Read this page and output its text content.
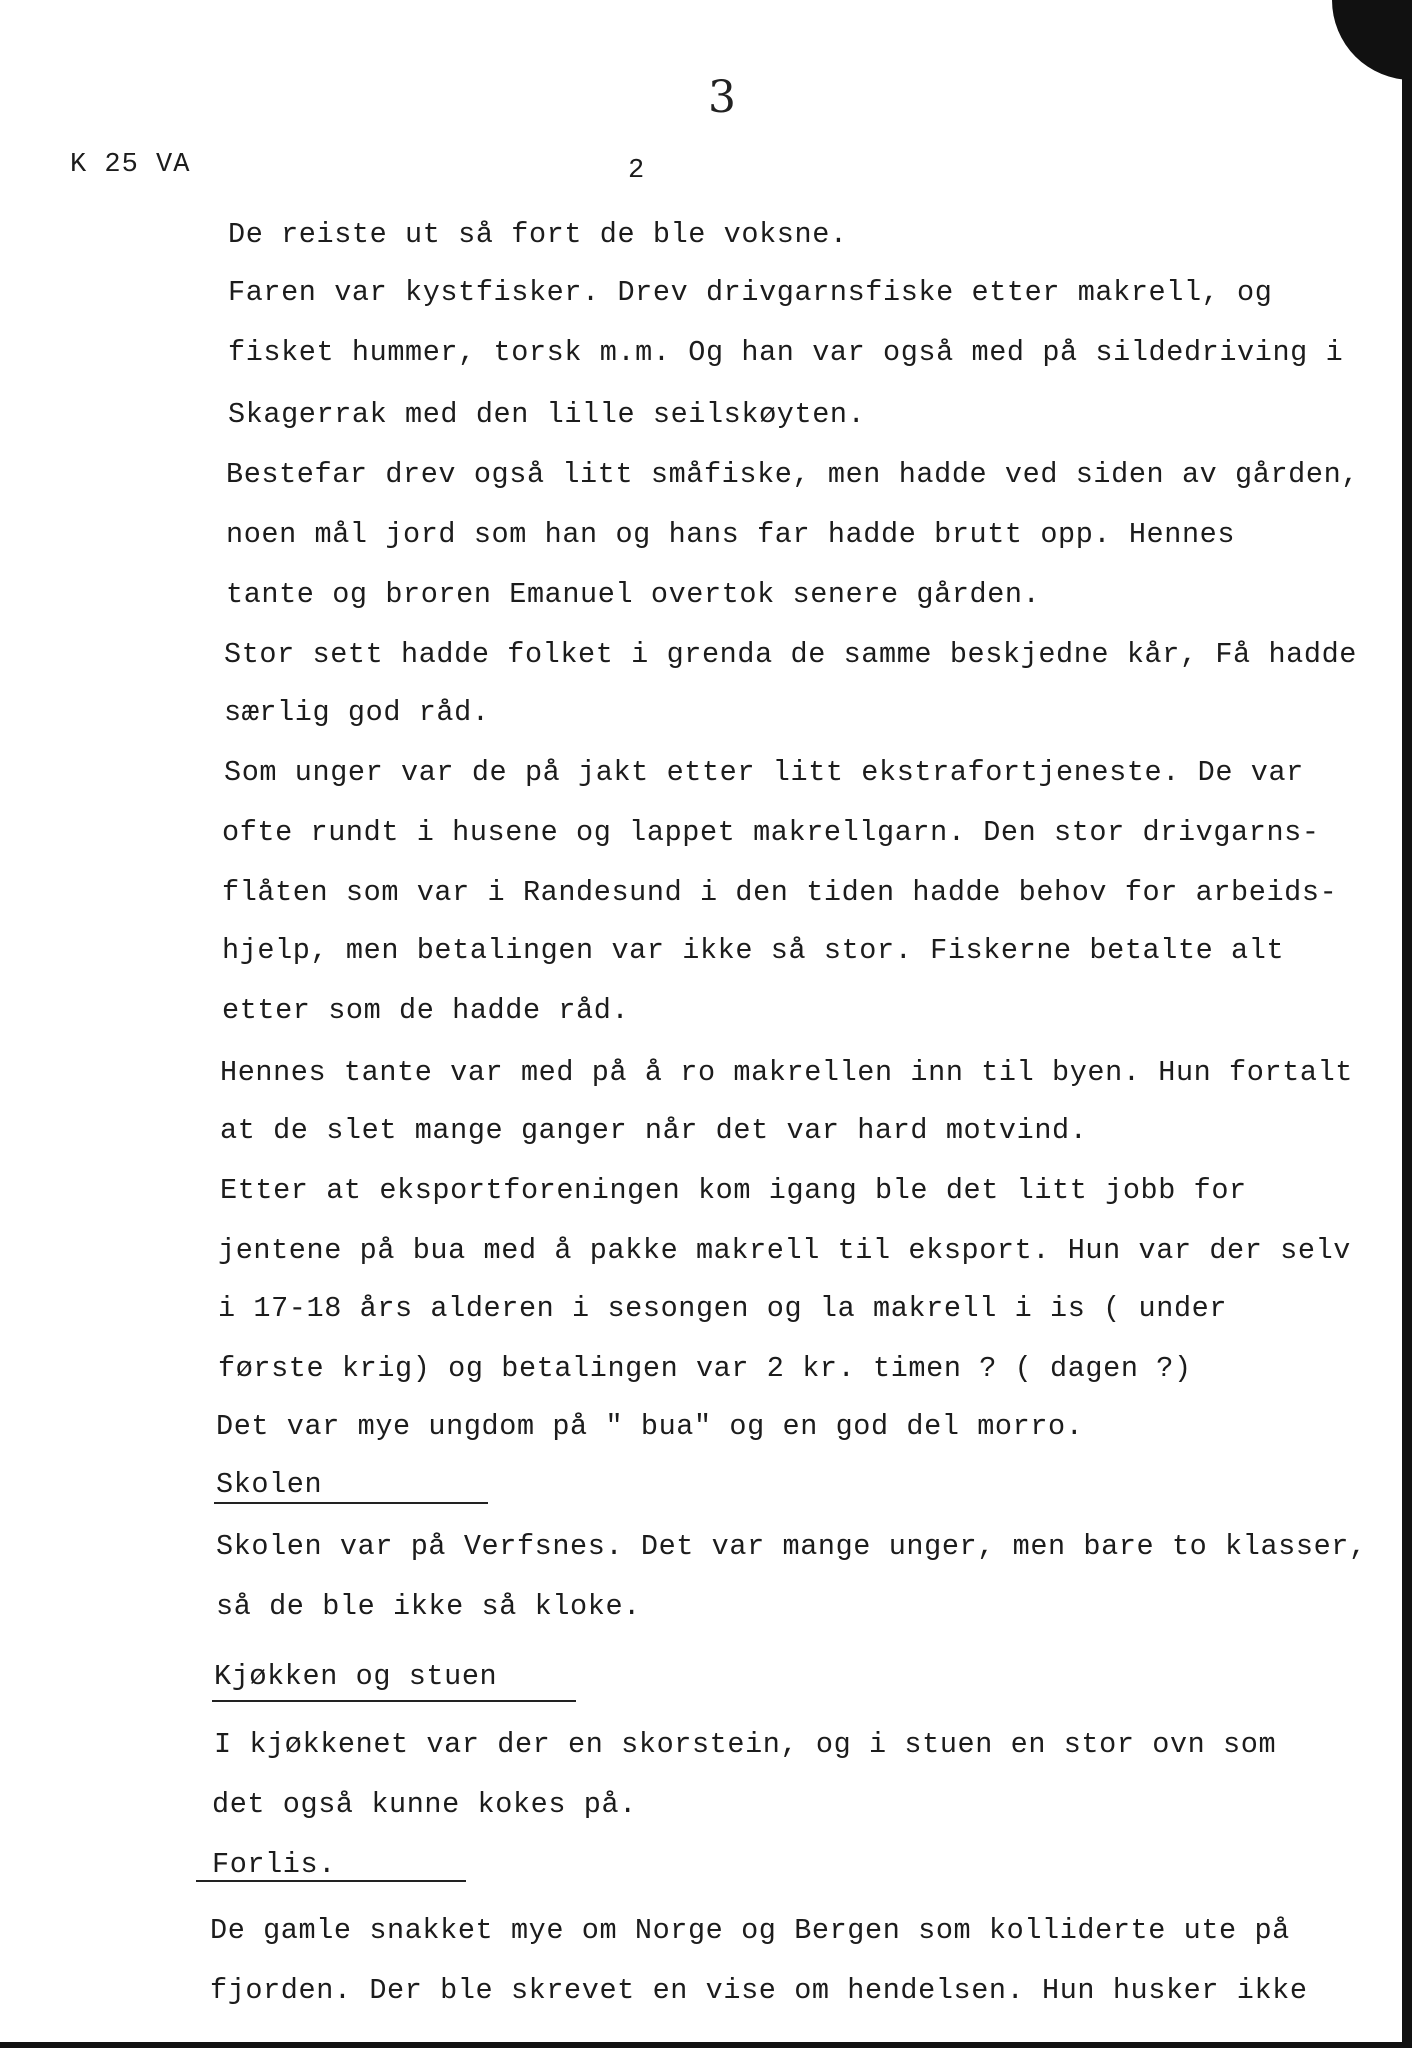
3
K 25 VA	2
De reiste ut så fort de ble voksne.
Faren var kystfisker. Drev drivgarnsfiske etter makrell, og
fisket hummer, torsk m.m. Og han var også med på sildedriving i
Skagerrak med den lille seilskøyten.
Bestefar drev også litt småfiske, men hadde ved siden av gården,
noen mål jord som han og hans far hadde brutt opp. Hennes
tante og broren Emanuel overtok senere gården.
Stor sett hadde folket i grenda de samme beskjedne kår, Få hadde
særlig god råd.
Som unger var de på jakt etter litt ekstrafortjeneste. De var
ofte rundt i husene og lappet makrellgarn. Den stor drivgarns-
flåten som var i Randesund i den tiden hadde behov for arbeids-
hjelp, men betalingen var ikke så stor. Fiskerne betalte alt
etter som de hadde råd.
Hennes tante var med på å ro makrellen inn til byen. Hun fortalt
at de slet mange ganger når det var hard motvind.
Etter at eksportforeningen kom igang ble det litt jobb for
jentene på bua med å pakke makrell til eksport. Hun var der selv
i 17-18 års alderen i sesongen og la makrell i is ( under
første krig) og betalingen var 2 kr. timen ? ( dagen ?)
Det var mye ungdom på " bua" og en god del morro.
Skolen
Skolen var på Verfsnes. Det var mange unger, men bare to klasser,
så de ble ikke så kloke.
Kjøkken og stuen
I kjøkkenet var der en skorstein, og i stuen en stor ovn som
det også kunne kokes på.
Forlis.
De gamle snakket mye om Norge og Bergen som kolliderte ute på
fjorden. Der ble skrevet en vise om hendelsen. Hun husker ikke
